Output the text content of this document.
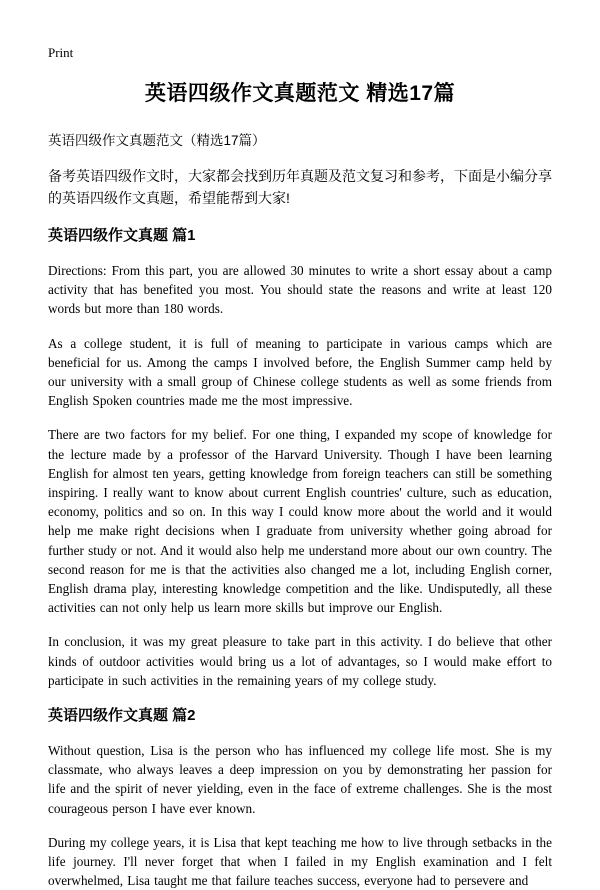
Print
英语四级作文真题范文 精选17篇
英语四级作文真题范文（精选17篇）
备考英语四级作文时，大家都会找到历年真题及范文复习和参考，下面是小编分享的英语四级作文真题，希望能帮到大家!
英语四级作文真题 篇1

Directions: From this part, you are allowed 30 minutes to write a short essay about a camp activity that has benefited you most. You should state the reasons and write at least 120 words but more than 180 words.

As a college student, it is full of meaning to participate in various camps which are beneficial for us. Among the camps I involved before, the English Summer camp held by our university with a small group of Chinese college students as well as some friends from English Spoken countries made me the most impressive.

There are two factors for my belief. For one thing, I expanded my scope of knowledge for the lecture made by a professor of the Harvard University. Though I have been learning English for almost ten years, getting knowledge from foreign teachers can still be something inspiring. I really want to know about current English countries' culture, such as education, economy, politics and so on. In this way I could know more about the world and it would help me make right decisions when I graduate from university whether going abroad for further study or not. And it would also help me understand more about our own country. The second reason for me is that the activities also changed me a lot, including English corner, English drama play, interesting knowledge competition and the like. Undisputedly, all these activities can not only help us learn more skills but improve our English.

In conclusion, it was my great pleasure to take part in this activity. I do believe that other kinds of outdoor activities would bring us a lot of advantages, so I would make effort to participate in such activities in the remaining years of my college study.

英语四级作文真题 篇2

Without question, Lisa is the person who has influenced my college life most. She is my classmate, who always leaves a deep impression on you by demonstrating her passion for life and the spirit of never yielding, even in the face of extreme challenges. She is the most courageous person I have ever known.

During my college years, it is Lisa that kept teaching me how to live through setbacks in the life journey. I'll never forget that when I failed in my English examination and I felt overwhelmed, Lisa taught me that failure teaches success, everyone had to persevere and
